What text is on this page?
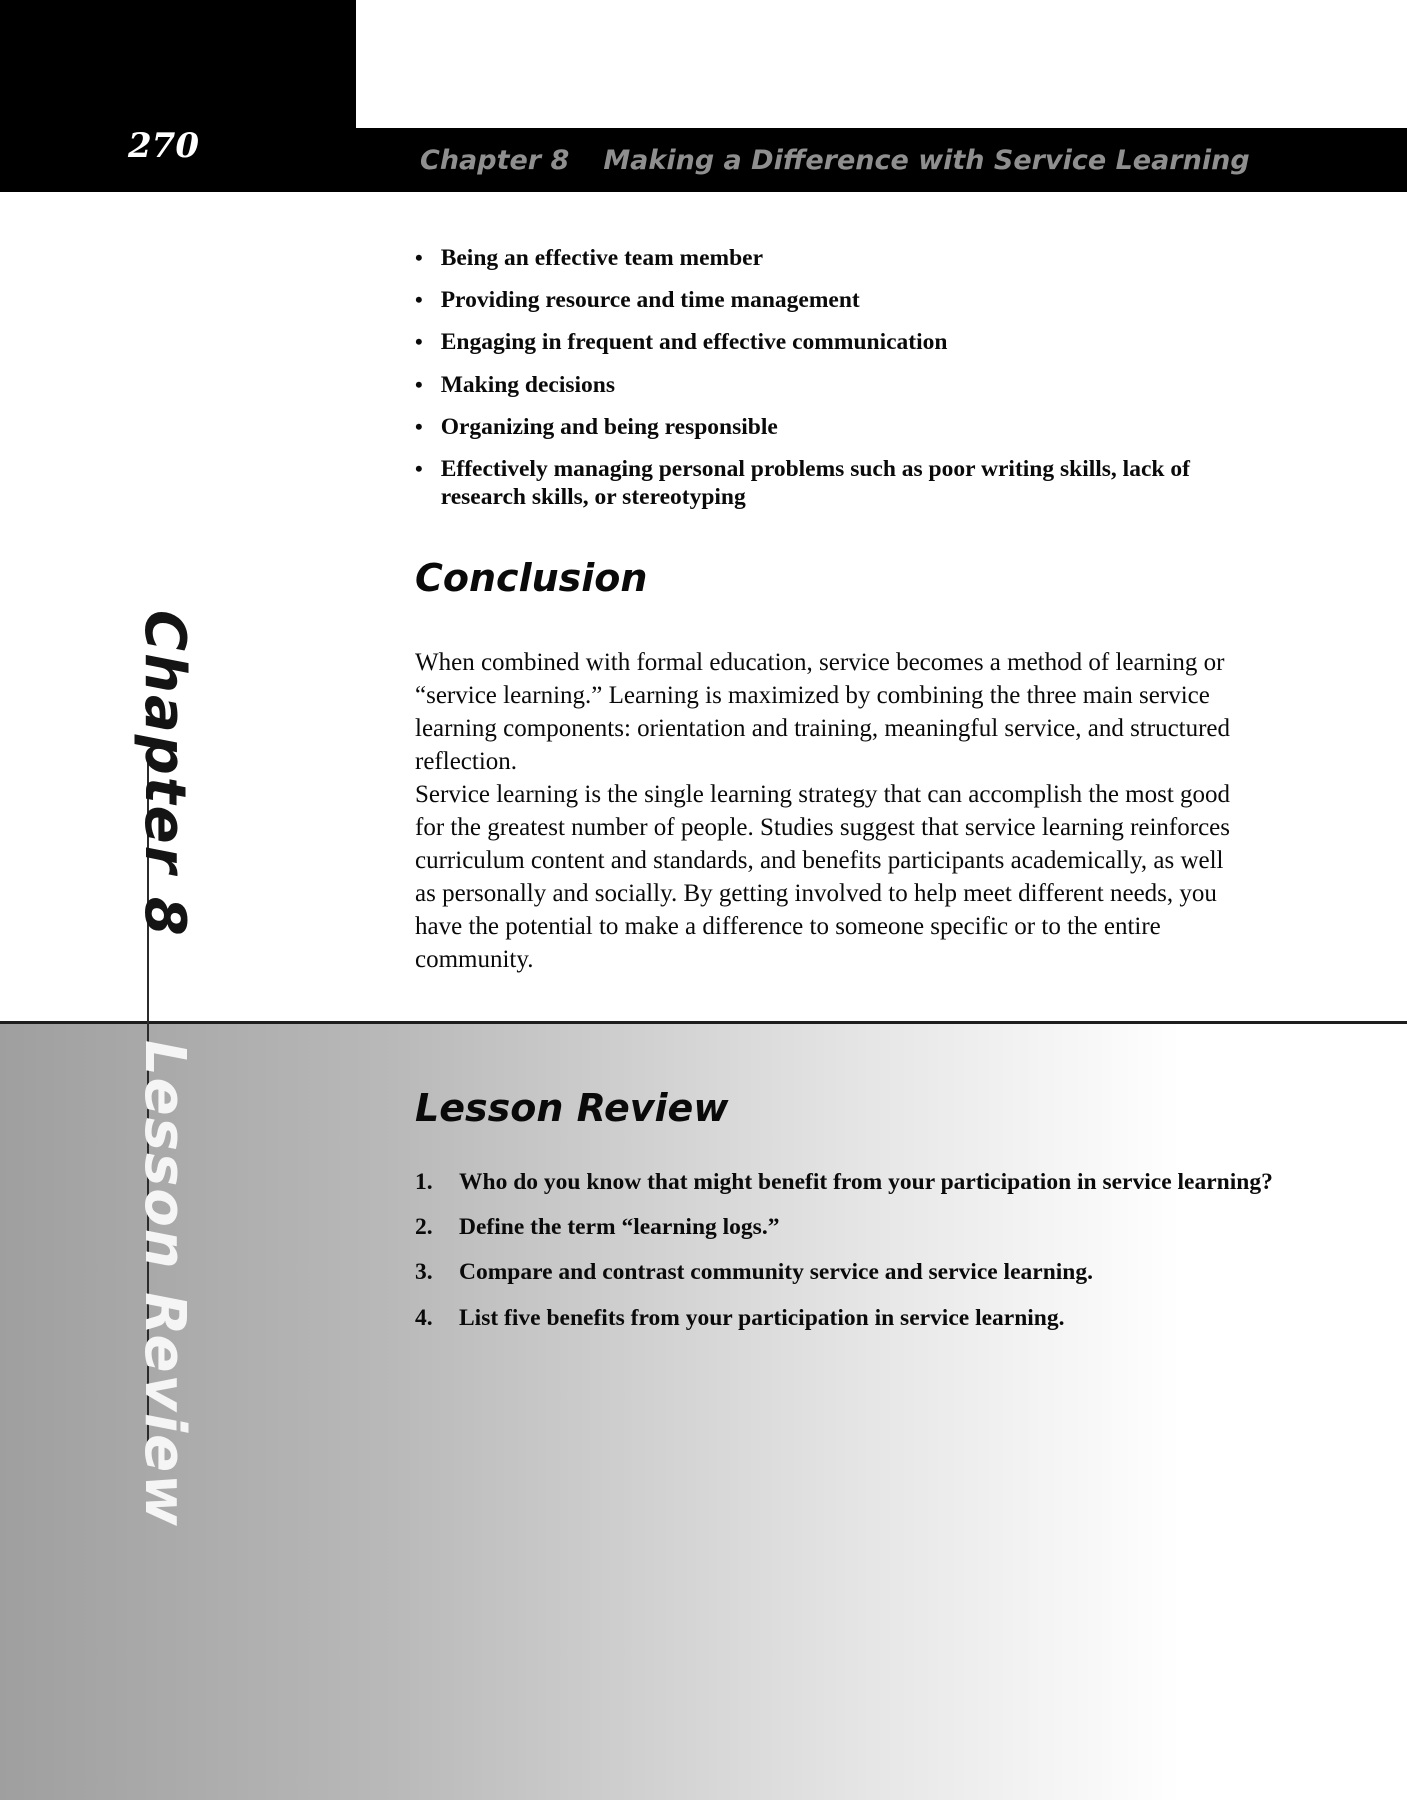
270	Chapter 8 Making a Difference with Service Learning
Chapter 8
Lesson Review
• Being an effective team member
• Providing resource and time management
• Engaging in frequent and effective communication
• Making decisions
• Organizing and being responsible
• Effectively managing personal problems such as poor writing skills, lack of research skills, or stereotyping
Conclusion

When combined with formal education, service becomes a method of learning or “service learning.” Learning is maximized by combining the three main service learning components: orientation and training, meaningful service, and structured reflection.

Service learning is the single learning strategy that can accomplish the most good for the greatest number of people. Studies suggest that service learning reinforces curriculum content and standards, and benefits participants academically, as well as personally and socially. By getting involved to help meet different needs, you have the potential to make a difference to someone specific or to the entire community.

Lesson Review
1.	Who do you know that might benefit from your participation in service learning?
2.	Define the term “learning logs.”
3.	Compare and contrast community service and service learning.
4.	List five benefits from your participation in service learning.
